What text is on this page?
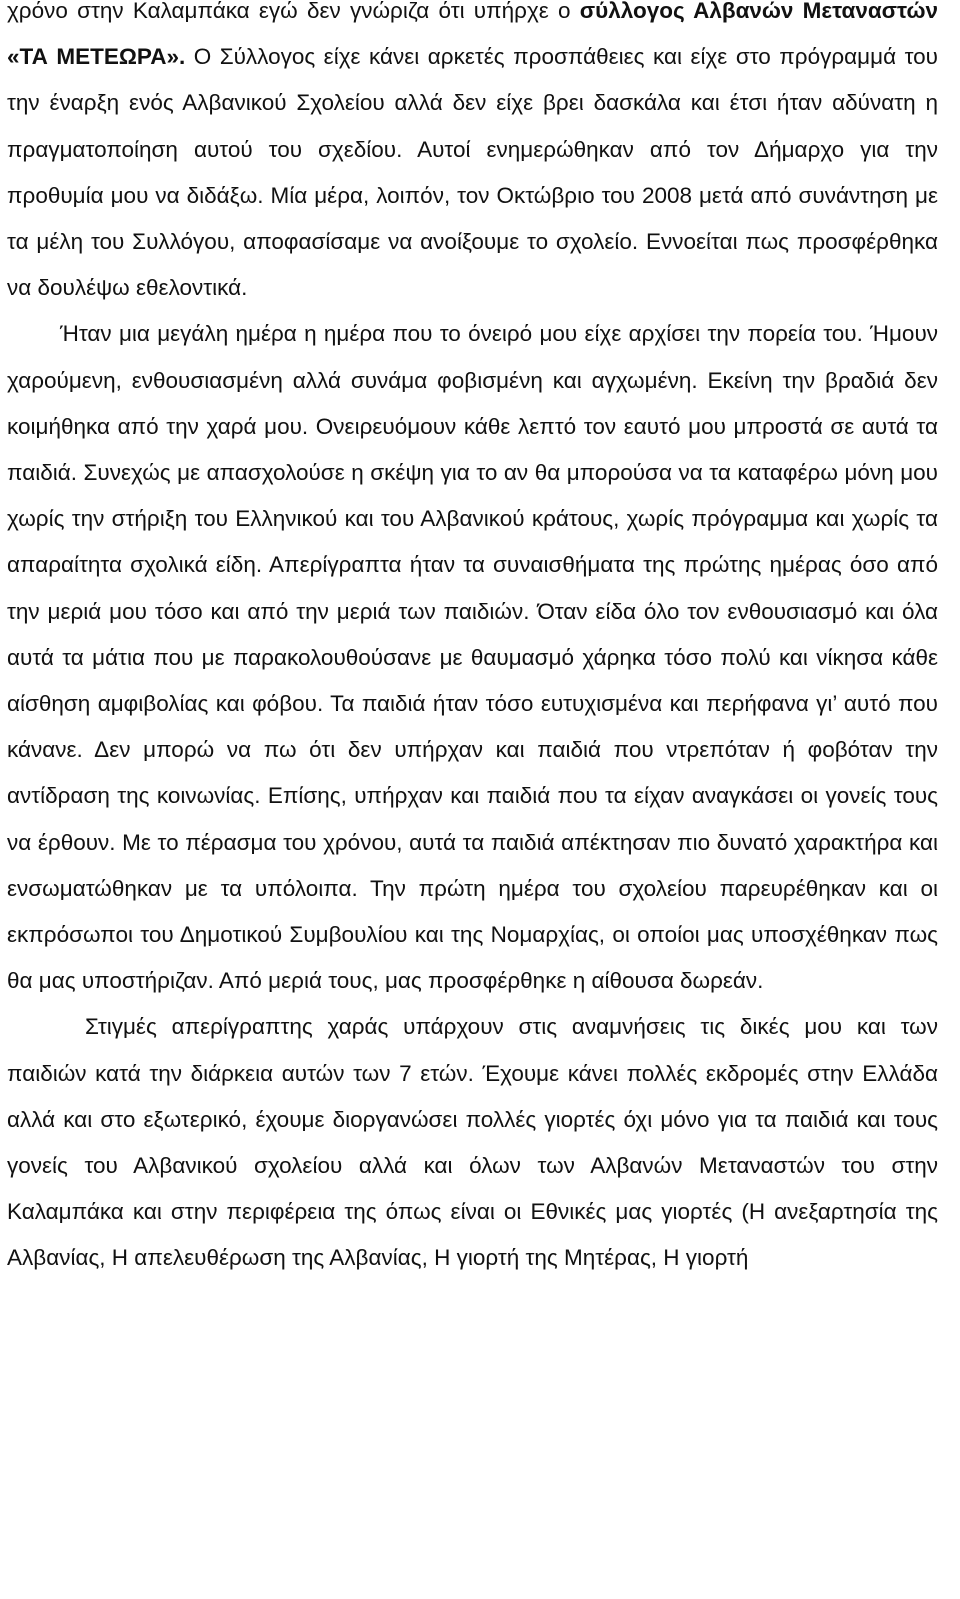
χρόνο στην Καλαμπάκα εγώ δεν γνώριζα ότι υπήρχε ο σύλλογος Αλβανών Μεταναστών «ΤΑ ΜΕΤΕΩΡΑ». Ο Σύλλογος είχε κάνει αρκετές προσπάθειες και είχε στο πρόγραμμά του την έναρξη ενός Αλβανικού Σχολείου αλλά δεν είχε βρει δασκάλα και έτσι ήταν αδύνατη η πραγματοποίηση αυτού του σχεδίου. Αυτοί ενημερώθηκαν από τον Δήμαρχο για την προθυμία μου να διδάξω. Μία μέρα, λοιπόν, τον Οκτώβριο του 2008 μετά από συνάντηση με τα μέλη του Συλλόγου, αποφασίσαμε να ανοίξουμε το σχολείο. Εννοείται πως προσφέρθηκα να δουλέψω εθελοντικά.

Ήταν μια μεγάλη ημέρα η ημέρα που το όνειρό μου είχε αρχίσει την πορεία του. Ήμουν χαρούμενη, ενθουσιασμένη αλλά συνάμα φοβισμένη και αγχωμένη. Εκείνη την βραδιά δεν κοιμήθηκα από την χαρά μου. Ονειρευόμουν κάθε λεπτό τον εαυτό μου μπροστά σε αυτά τα παιδιά. Συνεχώς με απασχολούσε η σκέψη για το αν θα μπορούσα να τα καταφέρω μόνη μου χωρίς την στήριξη του Ελληνικού και του Αλβανικού κράτους, χωρίς πρόγραμμα και χωρίς τα απαραίτητα σχολικά είδη. Απερίγραπτα ήταν τα συναισθήματα της πρώτης ημέρας όσο από την μεριά μου τόσο και από την μεριά των παιδιών. Όταν είδα όλο τον ενθουσιασμό και όλα αυτά τα μάτια που με παρακολουθούσανε με θαυμασμό χάρηκα τόσο πολύ και νίκησα κάθε αίσθηση αμφιβολίας και φόβου. Τα παιδιά ήταν τόσο ευτυχισμένα και περήφανα γι’ αυτό που κάνανε. Δεν μπορώ να πω ότι δεν υπήρχαν και παιδιά που ντρεπόταν ή φοβόταν την αντίδραση της κοινωνίας. Επίσης, υπήρχαν και παιδιά που τα είχαν αναγκάσει οι γονείς τους να έρθουν. Με το πέρασμα του χρόνου, αυτά τα παιδιά απέκτησαν πιο δυνατό χαρακτήρα και ενσωματώθηκαν με τα υπόλοιπα. Την πρώτη ημέρα του σχολείου παρευρέθηκαν και οι εκπρόσωποι του Δημοτικού Συμβουλίου και της Νομαρχίας, οι οποίοι μας υποσχέθηκαν πως θα μας υποστήριζαν. Από μεριά τους, μας προσφέρθηκε η αίθουσα δωρεάν.

Στιγμές απερίγραπτης χαράς υπάρχουν στις αναμνήσεις τις δικές μου και των παιδιών κατά την διάρκεια αυτών των 7 ετών. Έχουμε κάνει πολλές εκδρομές στην Ελλάδα αλλά και στο εξωτερικό, έχουμε διοργανώσει πολλές γιορτές όχι μόνο για τα παιδιά και τους γονείς του Αλβανικού σχολείου αλλά και όλων των Αλβανών Μεταναστών του στην Καλαμπάκα και στην περιφέρεια της όπως είναι οι Εθνικές μας γιορτές (Η ανεξαρτησία της Αλβανίας, Η απελευθέρωση της Αλβανίας, Η γιορτή της Μητέρας, Η γιορτή
